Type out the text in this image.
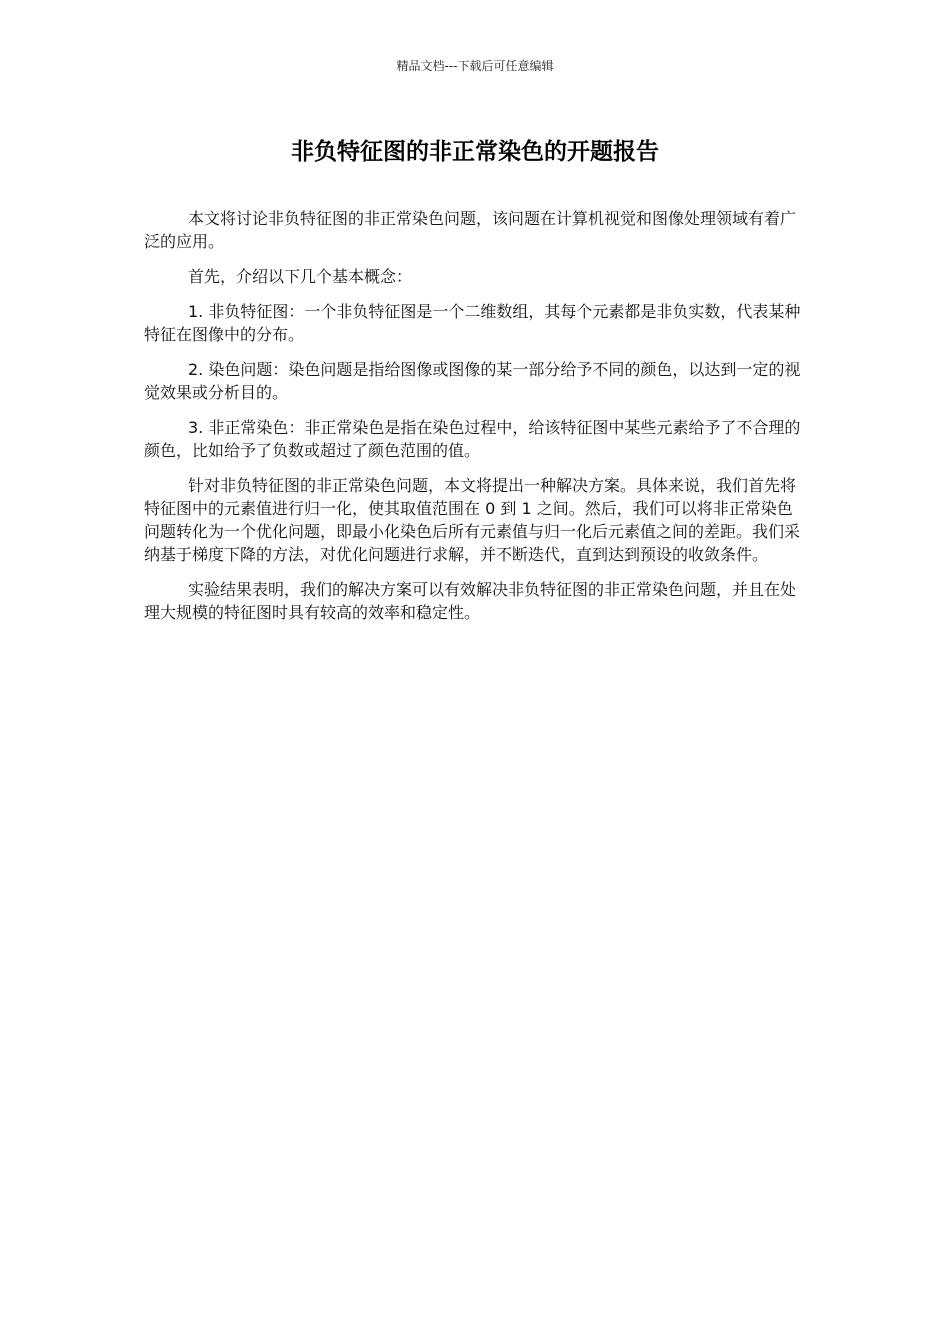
精品文档---下载后可任意编辑
非负特征图的非正常染色的开题报告

本文将讨论非负特征图的非正常染色问题，该问题在计算机视觉和图像处理领域有着广泛的应用。

首先，介绍以下几个基本概念：

1. 非负特征图：一个非负特征图是一个二维数组，其每个元素都是非负实数，代表某种特征在图像中的分布。

2. 染色问题：染色问题是指给图像或图像的某一部分给予不同的颜色，以达到一定的视觉效果或分析目的。

3. 非正常染色：非正常染色是指在染色过程中，给该特征图中某些元素给予了不合理的颜色，比如给予了负数或超过了颜色范围的值。

针对非负特征图的非正常染色问题，本文将提出一种解决方案。具体来说，我们首先将特征图中的元素值进行归一化，使其取值范围在 0 到 1 之间。然后，我们可以将非正常染色问题转化为一个优化问题，即最小化染色后所有元素值与归一化后元素值之间的差距。我们采纳基于梯度下降的方法，对优化问题进行求解，并不断迭代，直到达到预设的收敛条件。

实验结果表明，我们的解决方案可以有效解决非负特征图的非正常染色问题，并且在处理大规模的特征图时具有较高的效率和稳定性。
